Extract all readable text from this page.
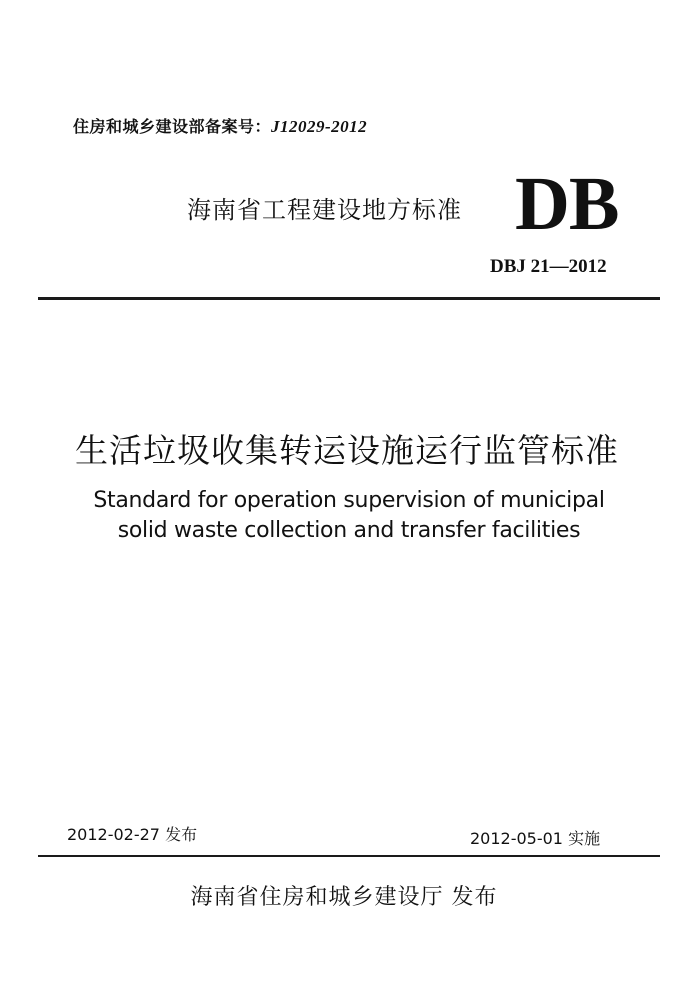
住房和城乡建设部备案号：J12029-2012
海南省工程建设地方标准 DB
DBJ 21—2012
生活垃圾收集转运设施运行监管标准
Standard for operation supervision of municipal
solid waste collection and transfer facilities
2012-02-27 发布	2012-05-01 实施
海南省住房和城乡建设厅 发布
